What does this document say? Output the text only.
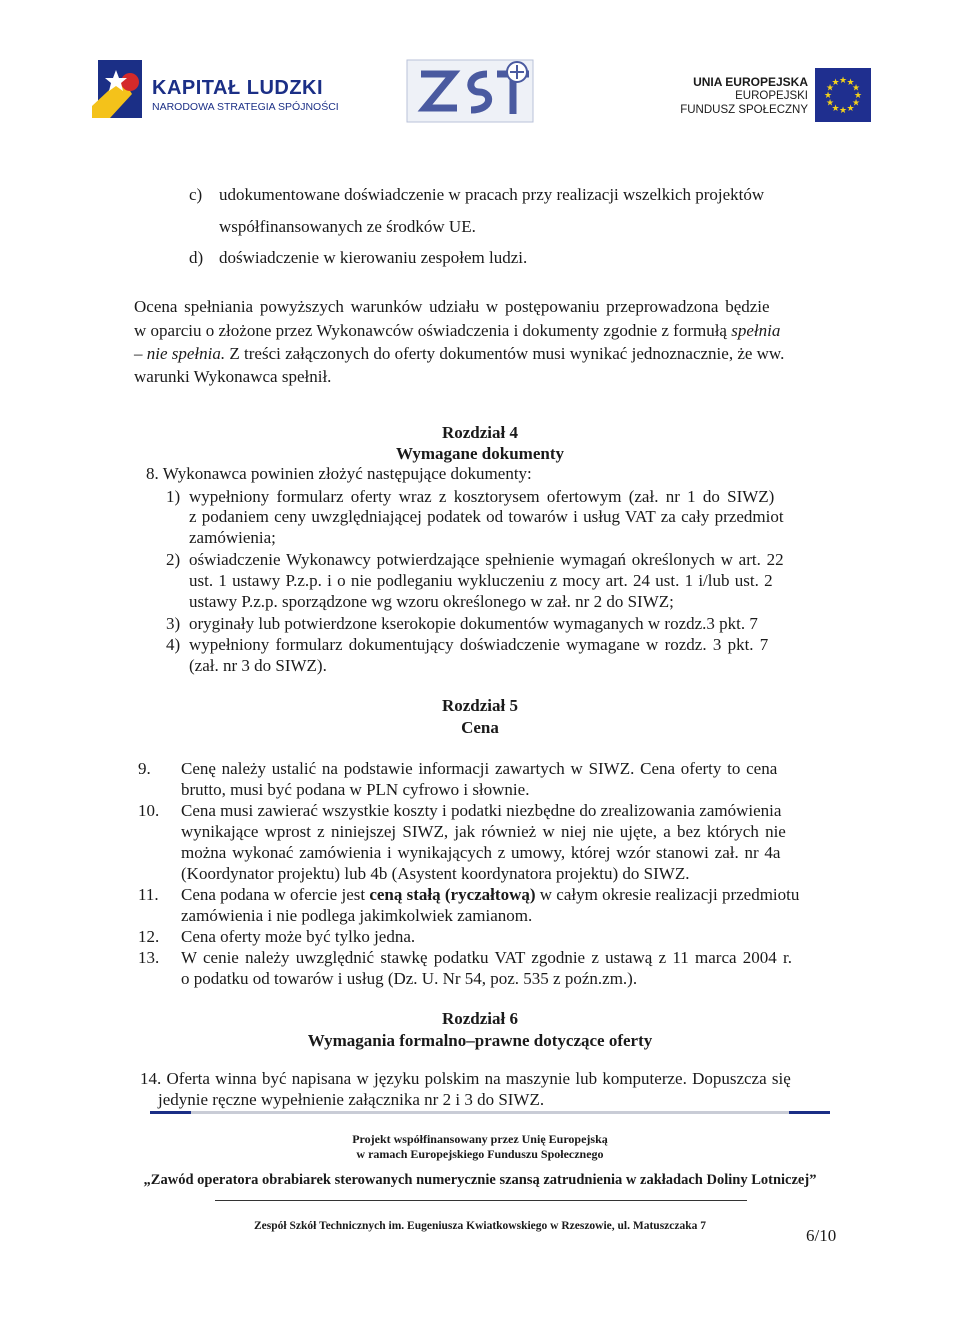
KAPITAŁ LUDZKI
NARODOWA STRATEGIA SPÓJNOŚCI
UNIA EUROPEJSKA
EUROPEJSKI
FUNDUSZ SPOŁECZNY
★
★
★
★
★
★
★
★
★ ★ ★
★
c) udokumentowane doświadczenie w pracach przy realizacji wszelkich projektów
współfinansowanych ze środków UE.
d) doświadczenie w kierowaniu zespołem ludzi.
Ocena spełniania powyższych warunków udziału w postępowaniu przeprowadzona będzie
w oparciu o złożone przez Wykonawców oświadczenia i dokumenty zgodnie z formułą spełnia
– nie spełnia. Z treści załączonych do oferty dokumentów musi wynikać jednoznacznie, że ww.
warunki Wykonawca spełnił.
Rozdział 4
Wymagane dokumenty
8. Wykonawca powinien złożyć następujące dokumenty:
1) wypełniony formularz oferty wraz z kosztorysem ofertowym (zał. nr 1 do SIWZ)
z podaniem ceny uwzględniającej podatek od towarów i usług VAT za cały przedmiot
zamówienia;
2) oświadczenie Wykonawcy potwierdzające spełnienie wymagań określonych w art. 22
ust. 1 ustawy P.z.p. i o nie podleganiu wykluczeniu z mocy art. 24 ust. 1 i/lub ust. 2
ustawy P.z.p. sporządzone wg wzoru określonego w zał. nr 2 do SIWZ;
3) oryginały lub potwierdzone kserokopie dokumentów wymaganych w rozdz.3 pkt. 7
4) wypełniony formularz dokumentujący doświadczenie wymagane w rozdz. 3 pkt. 7
(zał. nr 3 do SIWZ).
Rozdział 5
Cena
9. Cenę należy ustalić na podstawie informacji zawartych w SIWZ. Cena oferty to cena
brutto, musi być podana w PLN cyfrowo i słownie.
10. Cena musi zawierać wszystkie koszty i podatki niezbędne do zrealizowania zamówienia
wynikające wprost z niniejszej SIWZ, jak również w niej nie ujęte, a bez których nie
można wykonać zamówienia i wynikających z umowy, której wzór stanowi zał. nr 4a
(Koordynator projektu) lub 4b (Asystent koordynatora projektu) do SIWZ.
11. Cena podana w ofercie jest ceną stałą (ryczałtową) w całym okresie realizacji przedmiotu
zamówienia i nie podlega jakimkolwiek zamianom.
12. Cena oferty może być tylko jedna.
13. W cenie należy uwzględnić stawkę podatku VAT zgodnie z ustawą z 11 marca 2004 r.
o podatku od towarów i usług (Dz. U. Nr 54, poz. 535 z poźn.zm.).
Rozdział 6
Wymagania formalno–prawne dotyczące oferty
14. Oferta winna być napisana w języku polskim na maszynie lub komputerze. Dopuszcza się
jedynie ręczne wypełnienie załącznika nr 2 i 3 do SIWZ.
Projekt współfinansowany przez Unię Europejską
w ramach Europejskiego Funduszu Społecznego
„Zawód operatora obrabiarek sterowanych numerycznie szansą zatrudnienia w zakładach Doliny Lotniczej”
Zespół Szkół Technicznych im. Eugeniusza Kwiatkowskiego w Rzeszowie, ul. Matuszczaka 7	6/10
